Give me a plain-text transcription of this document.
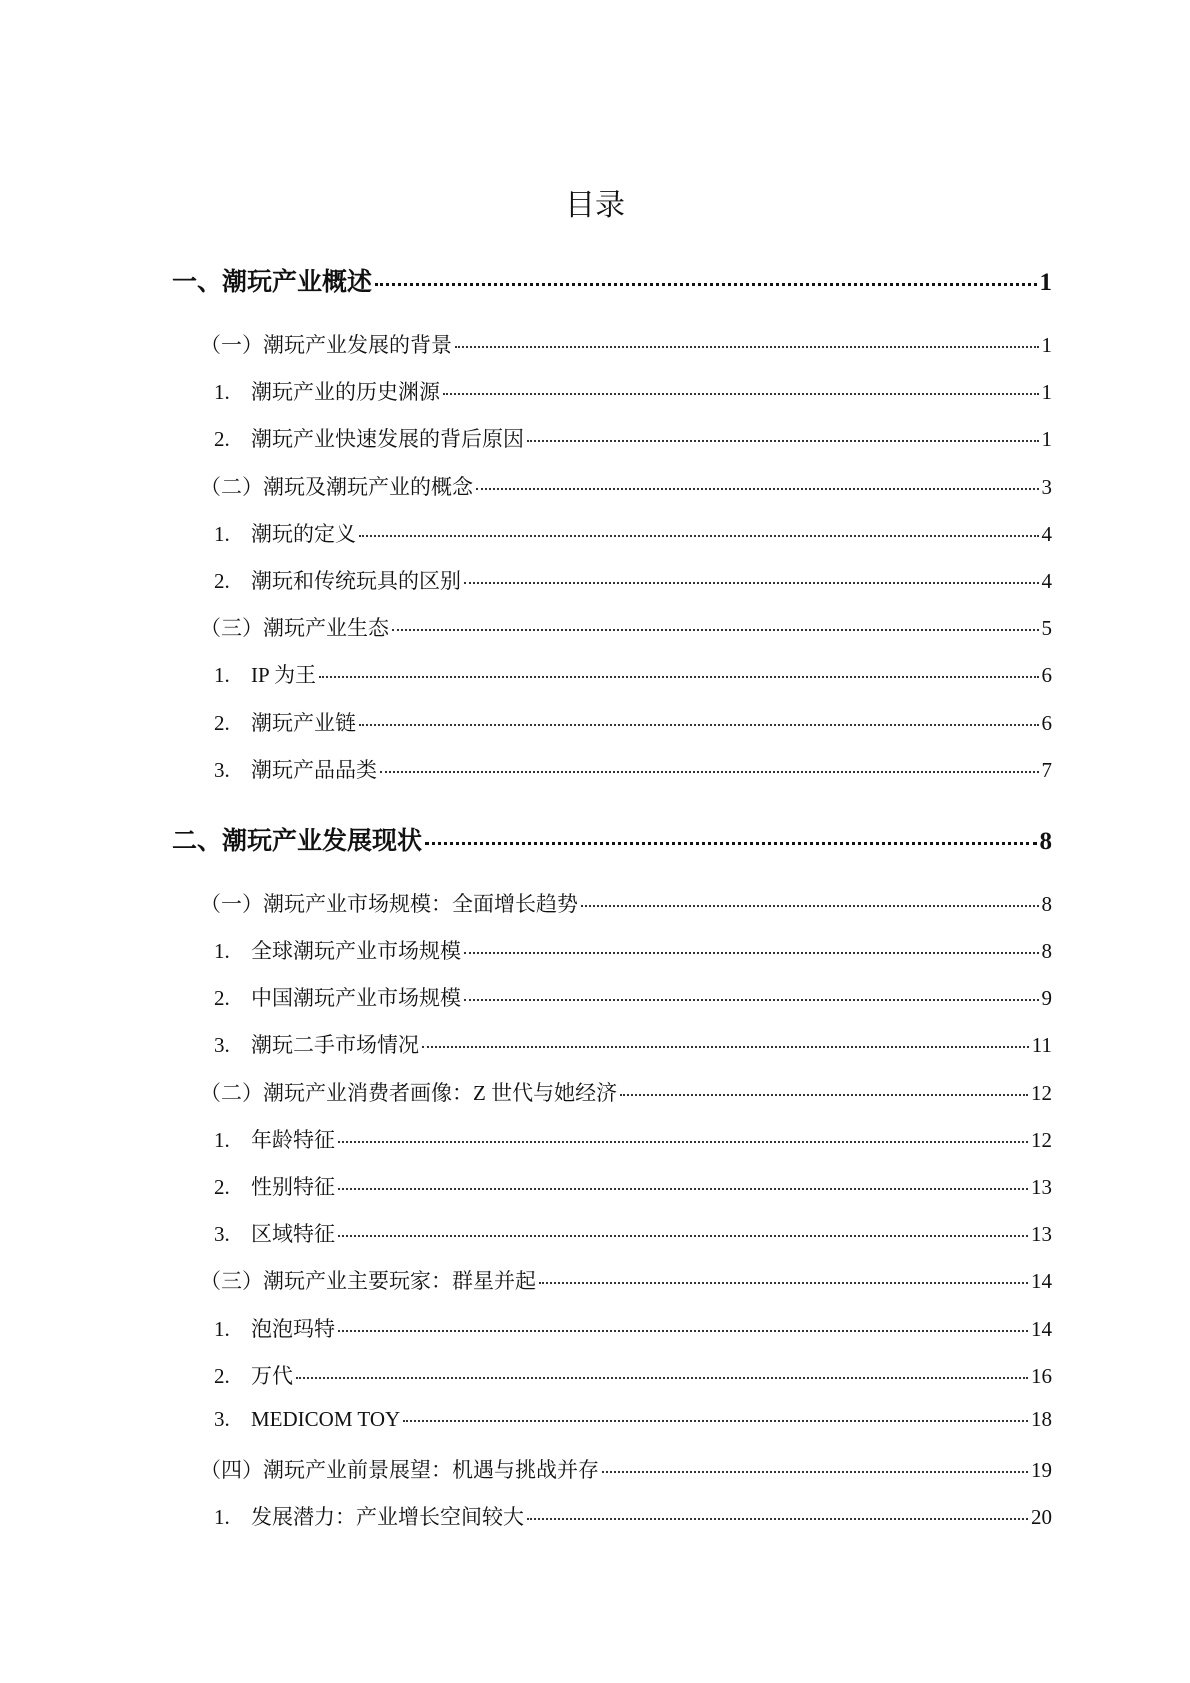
目录
一、潮玩产业概述	1
（一）潮玩产业发展的背景	1
1. 潮玩产业的历史渊源	1
2. 潮玩产业快速发展的背后原因	1
（二）潮玩及潮玩产业的概念	3
1. 潮玩的定义	4
2. 潮玩和传统玩具的区别	4
（三）潮玩产业生态	5
1. IP 为王	6
2. 潮玩产业链	6
3. 潮玩产品品类	7
二、潮玩产业发展现状	8
（一）潮玩产业市场规模：全面增长趋势	8
1. 全球潮玩产业市场规模	8
2. 中国潮玩产业市场规模	9
3. 潮玩二手市场情况	11
（二）潮玩产业消费者画像：Z 世代与她经济	12
1. 年龄特征	12
2. 性别特征	13
3. 区域特征	13
（三）潮玩产业主要玩家：群星并起	14
1. 泡泡玛特	14
2. 万代	16
3. MEDICOM TOY	18
（四）潮玩产业前景展望：机遇与挑战并存	19
1. 发展潜力：产业增长空间较大	20
